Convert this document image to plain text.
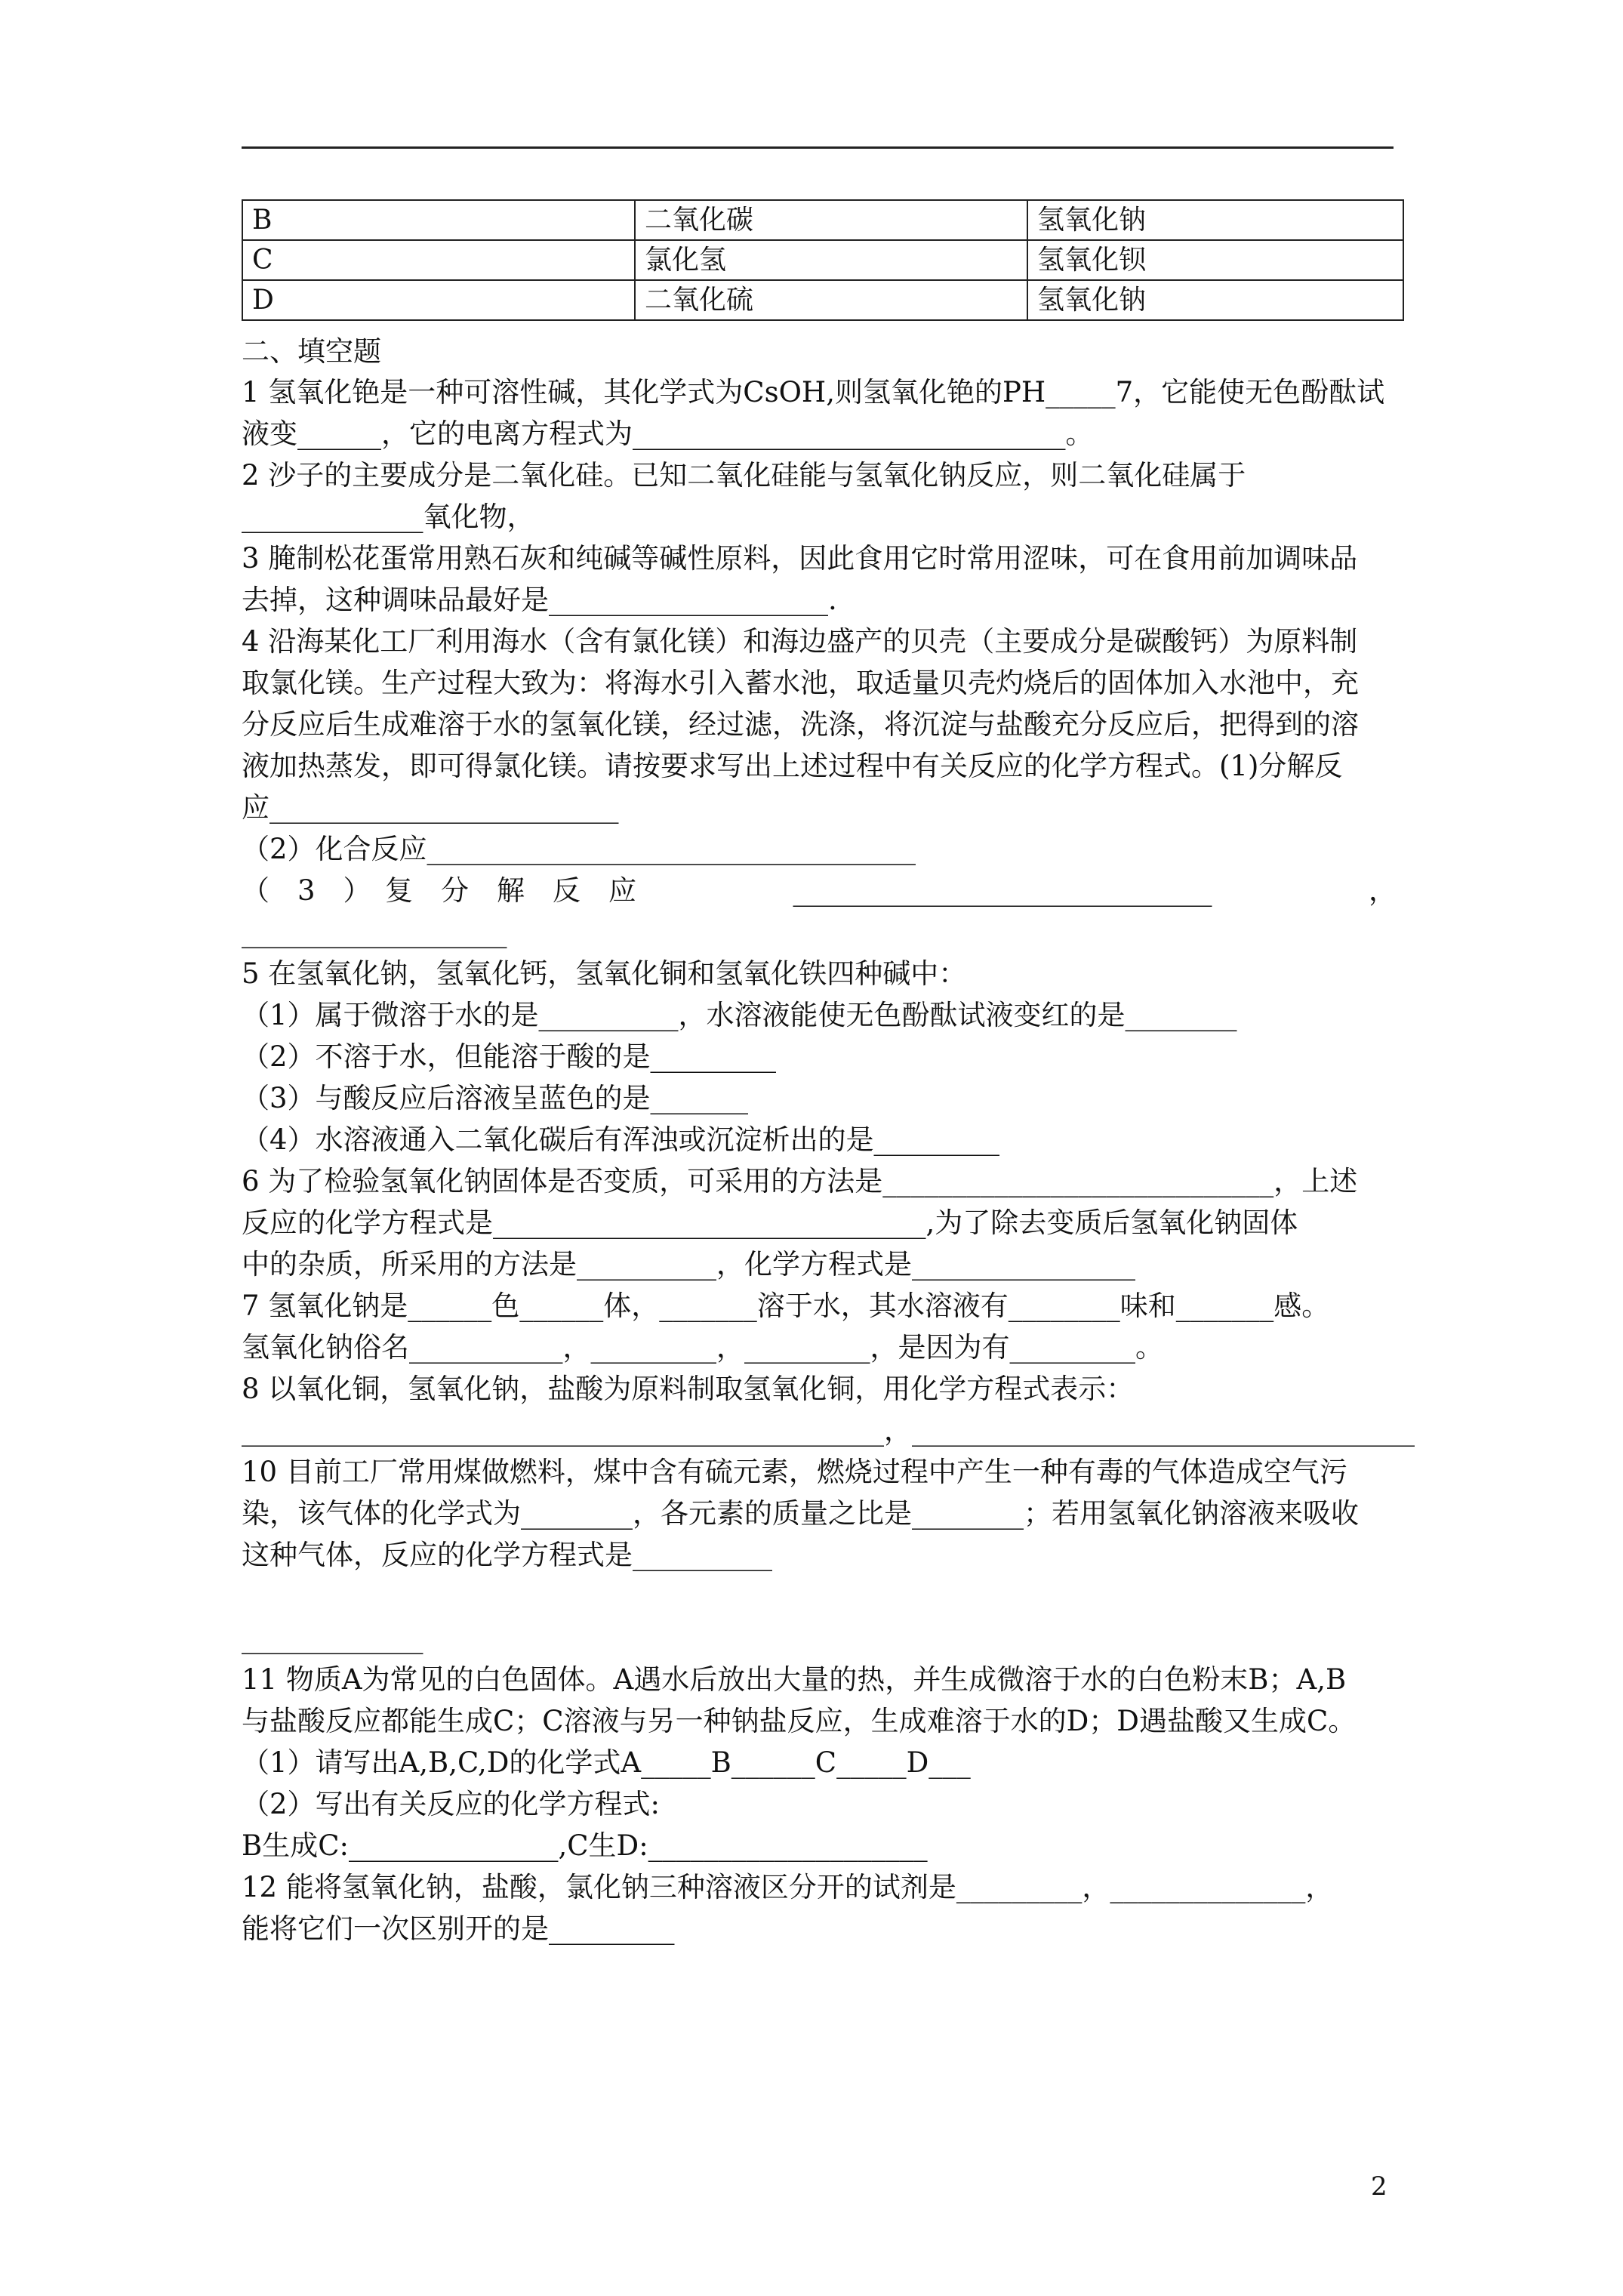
B	二氧化碳	氢氧化钠
C	氯化氢	氢氧化钡
D	二氧化硫	氢氧化钠
二、填空题
1 氢氧化铯是一种可溶性碱，其化学式为CsOH,则氢氧化铯的PH_____7，它能使无色酚酞试
液变______，它的电离方程式为_______________________________。
2 沙子的主要成分是二氧化硅。已知二氧化硅能与氢氧化钠反应，则二氧化硅属于
_____________氧化物，
3 腌制松花蛋常用熟石灰和纯碱等碱性原料，因此食用它时常用涩味，可在食用前加调味品
去掉，这种调味品最好是____________________.
4 沿海某化工厂利用海水（含有氯化镁）和海边盛产的贝壳（主要成分是碳酸钙）为原料制
取氯化镁。生产过程大致为：将海水引入蓄水池，取适量贝壳灼烧后的固体加入水池中，充
分反应后生成难溶于水的氢氧化镁，经过滤，洗涤，将沉淀与盐酸充分反应后，把得到的溶
液加热蒸发，即可得氯化镁。请按要求写出上述过程中有关反应的化学方程式。(1)分解反
应_________________________
（2）化合反应___________________________________
（　3　）　复　分　解　反　应	______________________________	，
___________________
5 在氢氧化钠，氢氧化钙，氢氧化铜和氢氧化铁四种碱中：
（1）属于微溶于水的是__________，水溶液能使无色酚酞试液变红的是________
（2）不溶于水，但能溶于酸的是_________
（3）与酸反应后溶液呈蓝色的是_______
（4）水溶液通入二氧化碳后有浑浊或沉淀析出的是_________
6 为了检验氢氧化钠固体是否变质，可采用的方法是____________________________，上述
反应的化学方程式是_______________________________,为了除去变质后氢氧化钠固体
中的杂质，所采用的方法是__________，化学方程式是________________
7 氢氧化钠是______色______体，_______溶于水，其水溶液有________味和_______感。
氢氧化钠俗名___________，_________，_________，是因为有_________。
8 以氧化铜，氢氧化钠，盐酸为原料制取氢氧化铜，用化学方程式表示：
______________________________________________，____________________________________
10 目前工厂常用煤做燃料，煤中含有硫元素，燃烧过程中产生一种有毒的气体造成空气污
染，该气体的化学式为________，各元素的质量之比是________；若用氢氧化钠溶液来吸收
这种气体，反应的化学方程式是__________
_____________
11 物质A为常见的白色固体。A遇水后放出大量的热，并生成微溶于水的白色粉末B；A,B
与盐酸反应都能生成C；C溶液与另一种钠盐反应，生成难溶于水的D；D遇盐酸又生成C。
（1）请写出A,B,C,D的化学式A_____B______C_____D___
（2）写出有关反应的化学方程式:
B生成C:_______________,C生D:____________________
12 能将氢氧化钠，盐酸，氯化钠三种溶液区分开的试剂是_________，______________，
能将它们一次区别开的是_________
2
